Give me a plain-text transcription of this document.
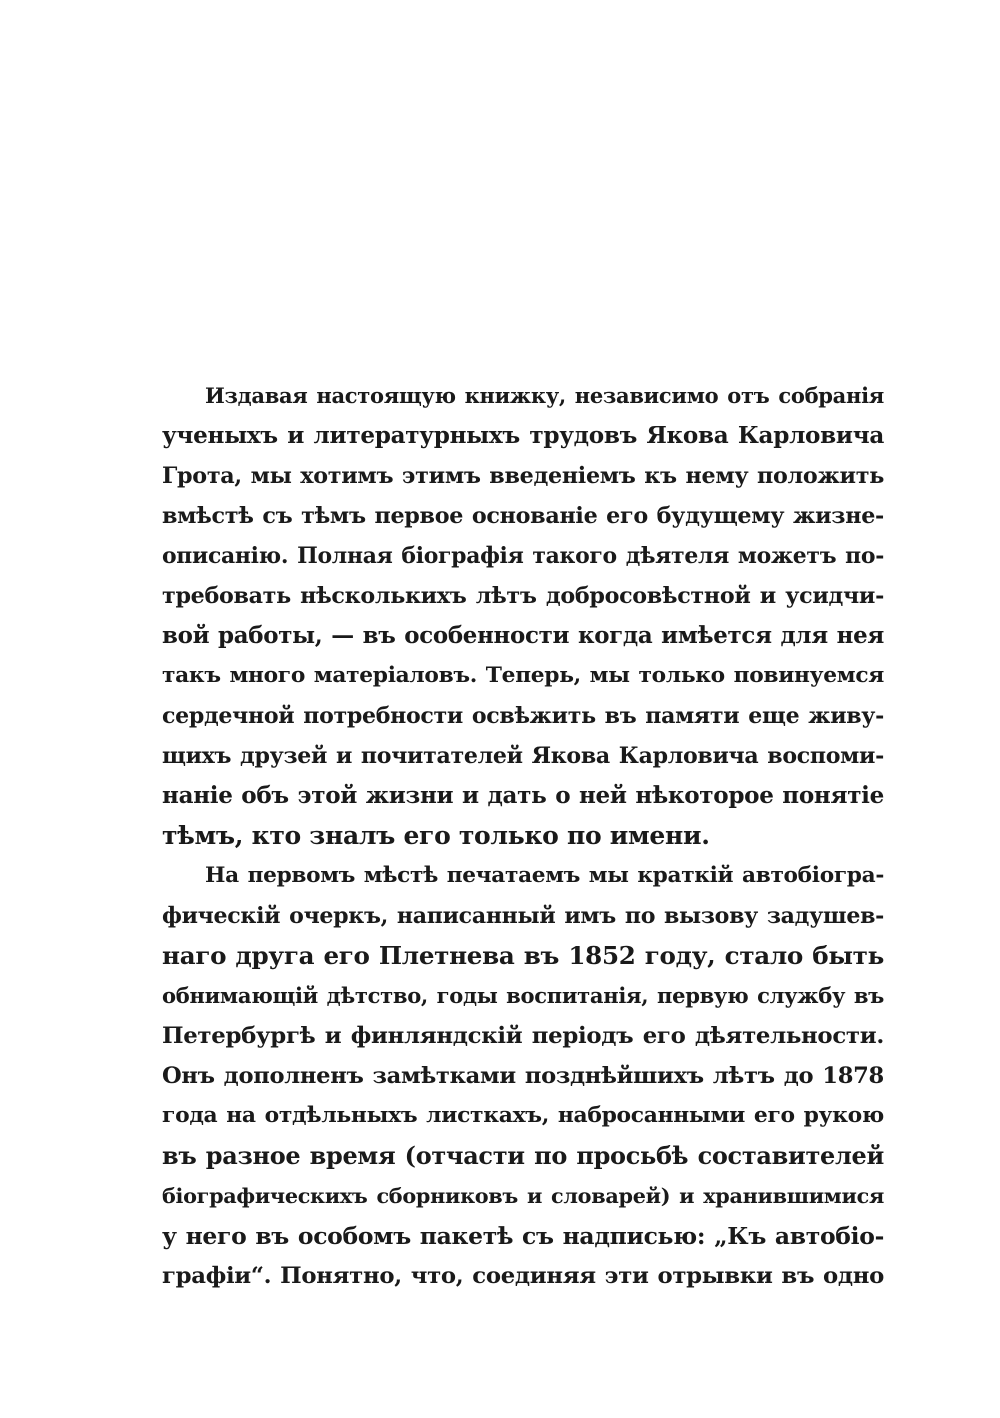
Издавая настоящую книжку, независимо отъ собранія
ученыхъ и литературныхъ трудовъ Якова Карловича
Грота, мы хотимъ этимъ введеніемъ къ нему положить
вмѣстѣ съ тѣмъ первое основаніе его будущему жизне-
описанію. Полная біографія такого дѣятеля можетъ по-
требовать нѣсколькихъ лѣтъ добросовѣстной и усидчи-
вой работы, — въ особенности когда имѣется для нея
такъ много матеріаловъ. Теперь, мы только повинуемся
сердечной потребности освѣжить въ памяти еще живу-
щихъ друзей и почитателей Якова Карловича воспоми-
наніе объ этой жизни и дать о ней нѣкоторое понятіе
тѣмъ, кто зналъ его только по имени.
На первомъ мѣстѣ печатаемъ мы краткій автобіогра-
фическій очеркъ, написанный имъ по вызову задушев-
наго друга его Плетнева въ 1852 году, стало быть
обнимающій дѣтство, годы воспитанія, первую службу въ
Петербургѣ и финляндскій періодъ его дѣятельности.
Онъ дополненъ замѣтками позднѣйшихъ лѣтъ до 1878
года на отдѣльныхъ листкахъ, набросанными его рукою
въ разное время (отчасти по просьбѣ составителей
біографическихъ сборниковъ и словарей) и хранившимися
у него въ особомъ пакетѣ съ надписью: „Къ автобіо-
графіи“. Понятно, что, соединяя эти отрывки въ одно
